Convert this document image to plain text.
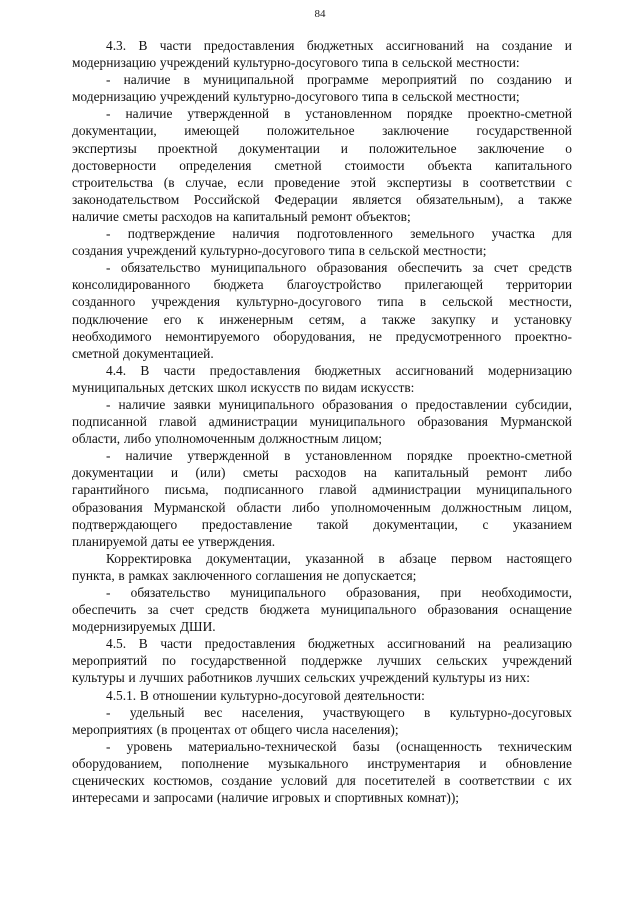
84
4.3. В части предоставления бюджетных ассигнований на создание и
модернизацию учреждений культурно-досугового типа в сельской местности:
- наличие в муниципальной программе мероприятий по созданию и
модернизацию учреждений культурно-досугового типа в сельской местности;
- наличие утвержденной в установленном порядке проектно-сметной
документации, имеющей положительное заключение государственной
экспертизы проектной документации и положительное заключение о
достоверности определения сметной стоимости объекта капитального
строительства (в случае, если проведение этой экспертизы в соответствии с
законодательством Российской Федерации является обязательным), а также
наличие сметы расходов на капитальный ремонт объектов;
- подтверждение наличия подготовленного земельного участка для
создания учреждений культурно-досугового типа в сельской местности;
- обязательство муниципального образования обеспечить за счет средств
консолидированного бюджета благоустройство прилегающей территории
созданного учреждения культурно-досугового типа в сельской местности,
подключение его к инженерным сетям, а также закупку и установку
необходимого немонтируемого оборудования, не предусмотренного проектно-
сметной документацией.
4.4. В части предоставления бюджетных ассигнований модернизацию
муниципальных детских школ искусств по видам искусств:
- наличие заявки муниципального образования о предоставлении субсидии,
подписанной главой администрации муниципального образования Мурманской
области, либо уполномоченным должностным лицом;
- наличие утвержденной в установленном порядке проектно-сметной
документации и (или) сметы расходов на капитальный ремонт либо
гарантийного письма, подписанного главой администрации муниципального
образования Мурманской области либо уполномоченным должностным лицом,
подтверждающего предоставление такой документации, с указанием
планируемой даты ее утверждения.
Корректировка документации, указанной в абзаце первом настоящего
пункта, в рамках заключенного соглашения не допускается;
- обязательство муниципального образования, при необходимости,
обеспечить за счет средств бюджета муниципального образования оснащение
модернизируемых ДШИ.
4.5. В части предоставления бюджетных ассигнований на реализацию
мероприятий по государственной поддержке лучших сельских учреждений
культуры и лучших работников лучших сельских учреждений культуры из них:
4.5.1. В отношении культурно-досуговой деятельности:
- удельный вес населения, участвующего в культурно-досуговых
мероприятиях (в процентах от общего числа населения);
- уровень материально-технической базы (оснащенность техническим
оборудованием, пополнение музыкального инструментария и обновление
сценических костюмов, создание условий для посетителей в соответствии с их
интересами и запросами (наличие игровых и спортивных комнат));
